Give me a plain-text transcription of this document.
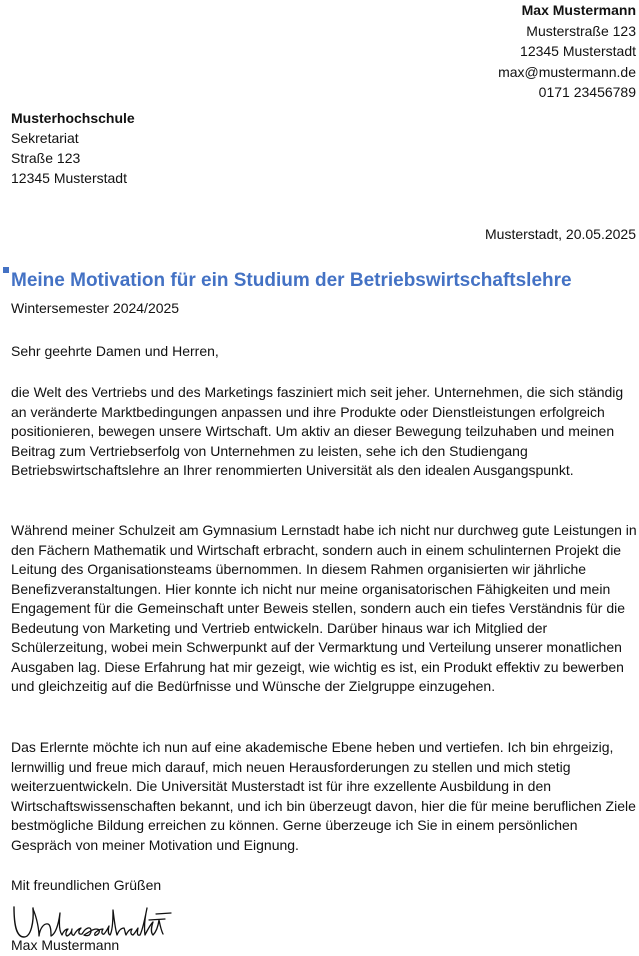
Max Mustermann
Musterstraße 123
12345 Musterstadt
max@mustermann.de
0171 23456789
Musterhochschule
Sekretariat
Straße 123
12345 Musterstadt
Musterstadt, 20.05.2025
Meine Motivation für ein Studium der Betriebswirtschaftslehre
Wintersemester 2024/2025
Sehr geehrte Damen und Herren,

die Welt des Vertriebs und des Marketings fasziniert mich seit jeher. Unternehmen, die sich ständig an veränderte Marktbedingungen anpassen und ihre Produkte oder Dienstleistungen erfolgreich positionieren, bewegen unsere Wirtschaft. Um aktiv an dieser Bewegung teilzuhaben und meinen Beitrag zum Vertriebserfolg von Unternehmen zu leisten, sehe ich den Studiengang Betriebswirtschaftslehre an Ihrer renommierten Universität als den idealen Ausgangspunkt.

Während meiner Schulzeit am Gymnasium Lernstadt habe ich nicht nur durchweg gute Leistungen in den Fächern Mathematik und Wirtschaft erbracht, sondern auch in einem schulinternen Projekt die Leitung des Organisationsteams übernommen. In diesem Rahmen organisierten wir jährliche Benefizveranstaltungen. Hier konnte ich nicht nur meine organisatorischen Fähigkeiten und mein Engagement für die Gemeinschaft unter Beweis stellen, sondern auch ein tiefes Verständnis für die Bedeutung von Marketing und Vertrieb entwickeln. Darüber hinaus war ich Mitglied der Schülerzeitung, wobei mein Schwerpunkt auf der Vermarktung und Verteilung unserer monatlichen Ausgaben lag. Diese Erfahrung hat mir gezeigt, wie wichtig es ist, ein Produkt effektiv zu bewerben und gleichzeitig auf die Bedürfnisse und Wünsche der Zielgruppe einzugehen.

Das Erlernte möchte ich nun auf eine akademische Ebene heben und vertiefen. Ich bin ehrgeizig, lernwillig und freue mich darauf, mich neuen Herausforderungen zu stellen und mich stetig weiterzuentwickeln. Die Universität Musterstadt ist für ihre exzellente Ausbildung in den Wirtschaftswissenschaften bekannt, und ich bin überzeugt davon, hier die für meine beruflichen Ziele bestmögliche Bildung erreichen zu können. Gerne überzeuge ich Sie in einem persönlichen Gespräch von meiner Motivation und Eignung.

Mit freundlichen Grüßen
Max Mustermann
